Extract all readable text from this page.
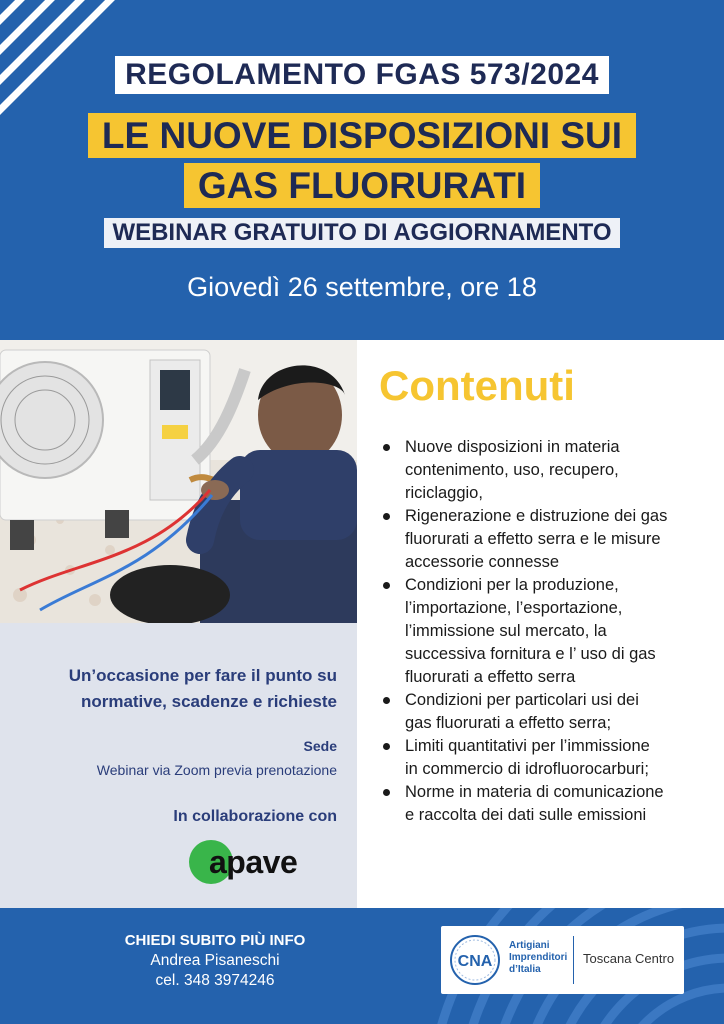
REGOLAMENTO FGAS 573/2024
LE NUOVE DISPOSIZIONI SUI
GAS FLUORURATI
WEBINAR GRATUITO DI AGGIORNAMENTO
Giovedì 26 settembre, ore 18
Un’occasione per fare il punto su
normative, scadenze e richieste
Sede
Webinar via Zoom previa prenotazione
In collaborazione con
apave
Contenuti
Nuove disposizioni in materia
contenimento, uso, recupero,
riciclaggio,
Rigenerazione e distruzione dei gas
fluorurati a effetto serra e le misure
accessorie connesse
Condizioni per la produzione,
l’importazione, l’esportazione,
l’immissione sul mercato, la
successiva fornitura e l’ uso di gas
fluorurati a effetto serra
Condizioni per particolari usi dei
gas fluorurati a effetto serra;
Limiti quantitativi per l’immissione
in commercio di idrofluorocarburi;
Norme in materia di comunicazione
e raccolta dei dati sulle emissioni
CHIEDI SUBITO PIÙ INFO
Andrea Pisaneschi
cel. 348 3974246
CNA
Artigiani
Imprenditori
d’Italia
Toscana Centro
